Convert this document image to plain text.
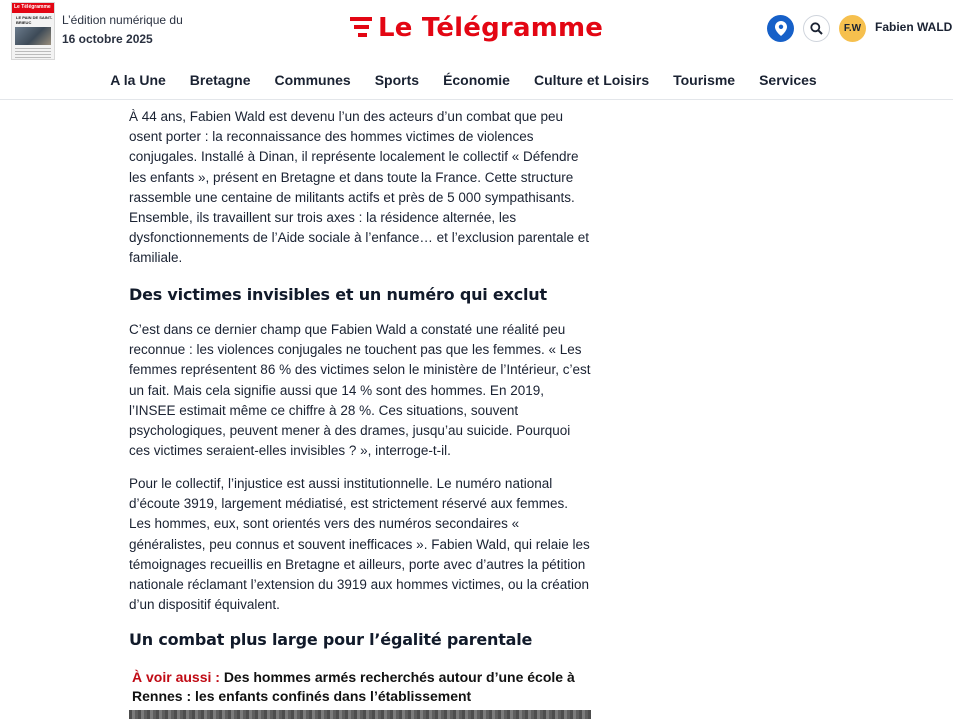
Le Télégramme
LE PAIN DE SAINT-BRIEUC	L’édition numérique du
16 octobre 2025	Le Télégramme	F.W	Fabien WALD
A la Une	Bretagne	Communes	Sports	Économie	Culture et Loisirs	Tourisme	Services

À 44 ans, Fabien Wald est devenu l’un des acteurs d’un combat que peu osent porter : la reconnaissance des hommes victimes de violences conjugales. Installé à Dinan, il représente localement le collectif « Défendre les enfants », présent en Bretagne et dans toute la France. Cette structure rassemble une centaine de militants actifs et près de 5 000 sympathisants. Ensemble, ils travaillent sur trois axes : la résidence alternée, les dysfonctionnements de l’Aide sociale à l’enfance… et l’exclusion parentale et familiale.

Des victimes invisibles et un numéro qui exclut

C’est dans ce dernier champ que Fabien Wald a constaté une réalité peu reconnue : les violences conjugales ne touchent pas que les femmes. « Les femmes représentent 86 % des victimes selon le ministère de l’Intérieur, c’est un fait. Mais cela signifie aussi que 14 % sont des hommes. En 2019, l’INSEE estimait même ce chiffre à 28 %. Ces situations, souvent psychologiques, peuvent mener à des drames, jusqu’au suicide. Pourquoi ces victimes seraient-elles invisibles ? », interroge-t-il.

Pour le collectif, l’injustice est aussi institutionnelle. Le numéro national d’écoute 3919, largement médiatisé, est strictement réservé aux femmes. Les hommes, eux, sont orientés vers des numéros secondaires « généralistes, peu connus et souvent inefficaces ». Fabien Wald, qui relaie les témoignages recueillis en Bretagne et ailleurs, porte avec d’autres la pétition nationale réclamant l’extension du 3919 aux hommes victimes, ou la création d’un dispositif équivalent.

Un combat plus large pour l’égalité parentale
À voir aussi : Des hommes armés recherchés autour d’une école à Rennes : les enfants confinés dans l’établissement
